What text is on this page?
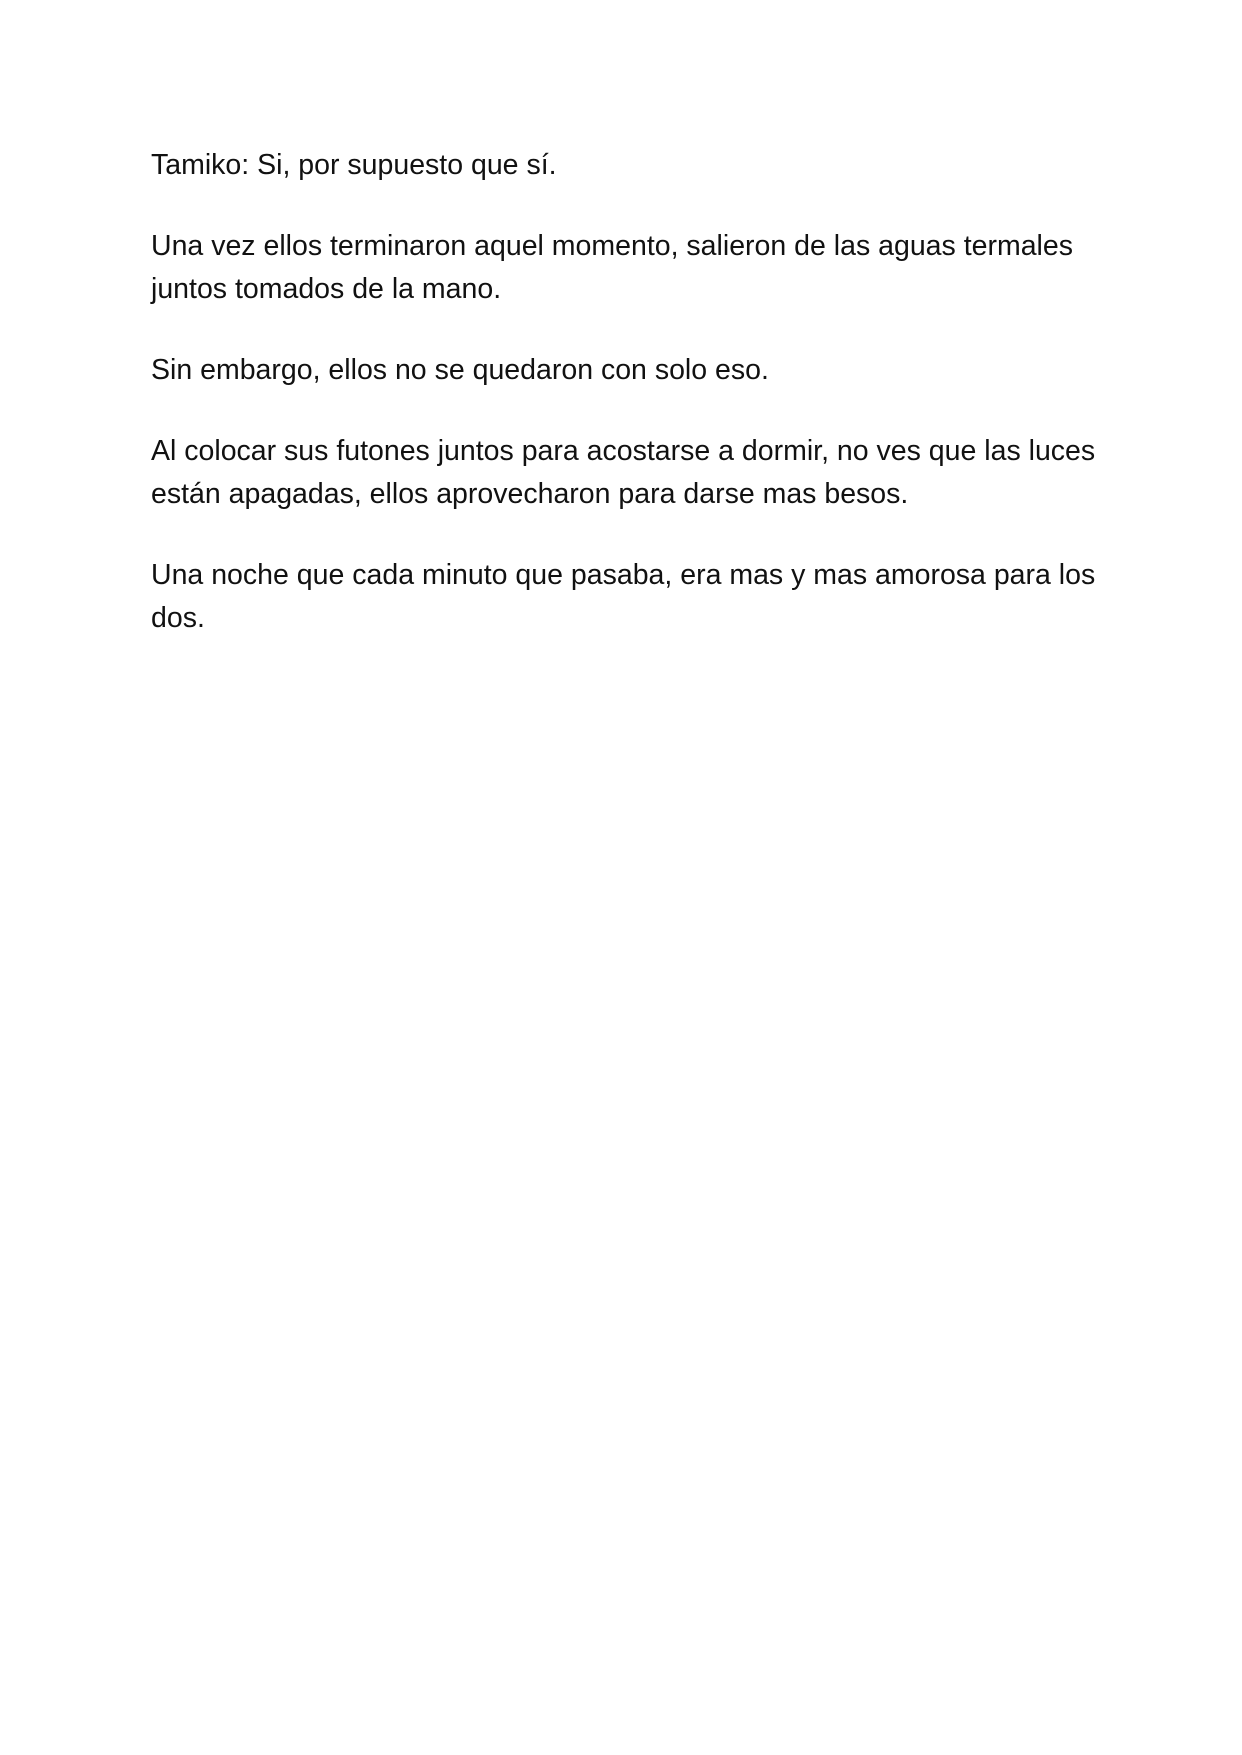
Tamiko: Si, por supuesto que sí.

Una vez ellos terminaron aquel momento, salieron de las aguas termales
juntos tomados de la mano.

Sin embargo, ellos no se quedaron con solo eso.

Al colocar sus futones juntos para acostarse a dormir, no ves que las luces
están apagadas, ellos aprovecharon para darse mas besos.

Una noche que cada minuto que pasaba, era mas y mas amorosa para los
dos.
